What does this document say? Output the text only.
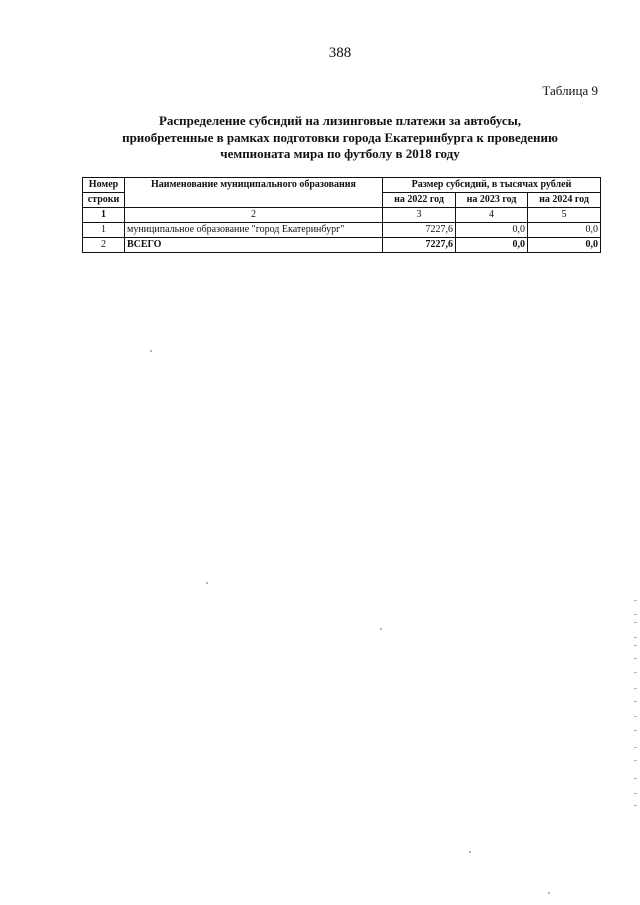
388
Таблица 9
Распределение субсидий на лизинговые платежи за автобусы,
приобретенные в рамках подготовки города Екатеринбурга к проведению
чемпионата мира по футболу в 2018 году
Номер	Наименование муниципального образования	Размер субсидий, в тысячах рублей		
строки		на 2022 год	на 2023 год	на 2024 год
1	2	3	4	5
1	муниципальное образование "город Екатеринбург"	7227,6	0,0	0,0
2	ВСЕГО	7227,6	0,0	0,0
